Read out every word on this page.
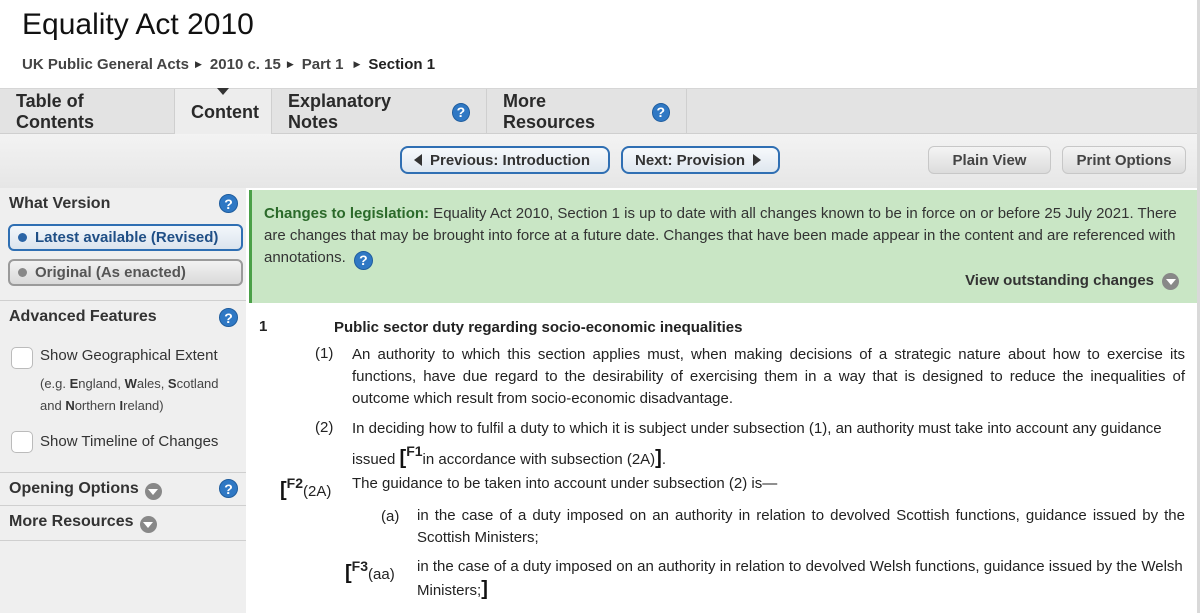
Equality Act 2010
UK Public General Acts ▶ 2010 c. 15 ▶ Part 1 ▶ Section 1
Table of Contents
Content
Explanatory Notes	?
More Resources	?
Previous: Introduction	Next: Provision	Plain View	Print Options
What Version	?
Latest available (Revised)
Original (As enacted)
Advanced Features	?
Show Geographical Extent
(e.g. England, Wales, Scotland
and Northern Ireland)
Show Timeline of Changes
Opening Options	?
More Resources
Changes to legislation: Equality Act 2010, Section 1 is up to date with all changes known to be in force on or before 25 July 2021. There are changes that may be brought into force at a future date. Changes that have been made appear in the content and are referenced with annotations. ?
View outstanding changes
1	Public sector duty regarding socio-economic inequalities
(1) An authority to which this section applies must, when making decisions of a strategic nature about how to exercise its functions, have due regard to the desirability of exercising them in a way that is designed to reduce the inequalities of outcome which result from socio-economic disadvantage.
(2) In deciding how to fulfil a duty to which it is subject under subsection (1), an authority must take into account any guidance
issued [F1in accordance with subsection (2A)].
[F2(2A) The guidance to be taken into account under subsection (2) is—
(a) in the case of a duty imposed on an authority in relation to devolved Scottish functions, guidance issued by the Scottish Ministers;
[F3(aa) in the case of a duty imposed on an authority in relation to devolved Welsh functions, guidance issued by the Welsh
Ministers;]
